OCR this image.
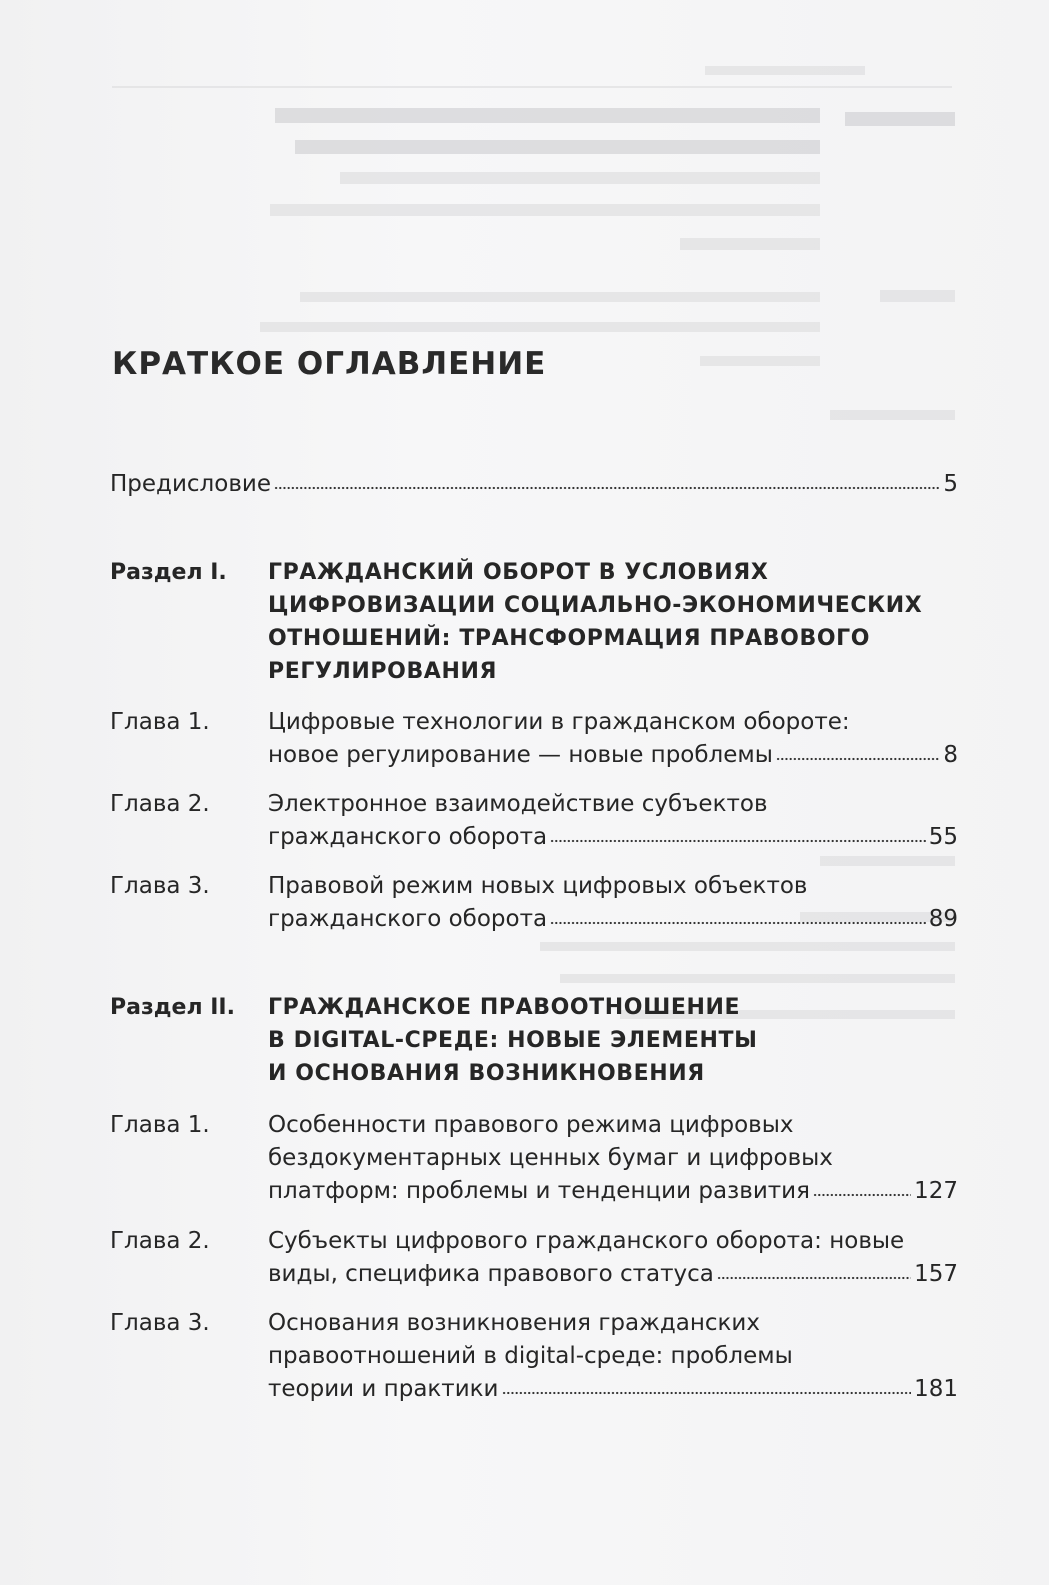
КРАТКОЕ ОГЛАВЛЕНИЕ
Предисловие	5
Раздел I. ГРАЖДАНСКИЙ ОБОРОТ В УСЛОВИЯХ
ЦИФРОВИЗАЦИИ СОЦИАЛЬНО-ЭКОНОМИЧЕСКИХ
ОТНОШЕНИЙ: ТРАНСФОРМАЦИЯ ПРАВОВОГО
РЕГУЛИРОВАНИЯ
Глава 1.	Цифровые технологии в гражданском обороте:
новое регулирование — новые проблемы	8
Глава 2.	Электронное взаимодействие субъектов
гражданского оборота	55
Глава 3.	Правовой режим новых цифровых объектов
гражданского оборота	89
Раздел II. ГРАЖДАНСКОЕ ПРАВООТНОШЕНИЕ
В DIGITAL-СРЕДЕ: НОВЫЕ ЭЛЕМЕНТЫ
И ОСНОВАНИЯ ВОЗНИКНОВЕНИЯ
Глава 1.	Особенности правового режима цифровых
бездокументарных ценных бумаг и цифровых
платформ: проблемы и тенденции развития	127
Глава 2.	Субъекты цифрового гражданского оборота: новые
виды, специфика правового статуса	157
Глава 3.	Основания возникновения гражданских
правоотношений в digital-среде: проблемы
теории и практики	181
